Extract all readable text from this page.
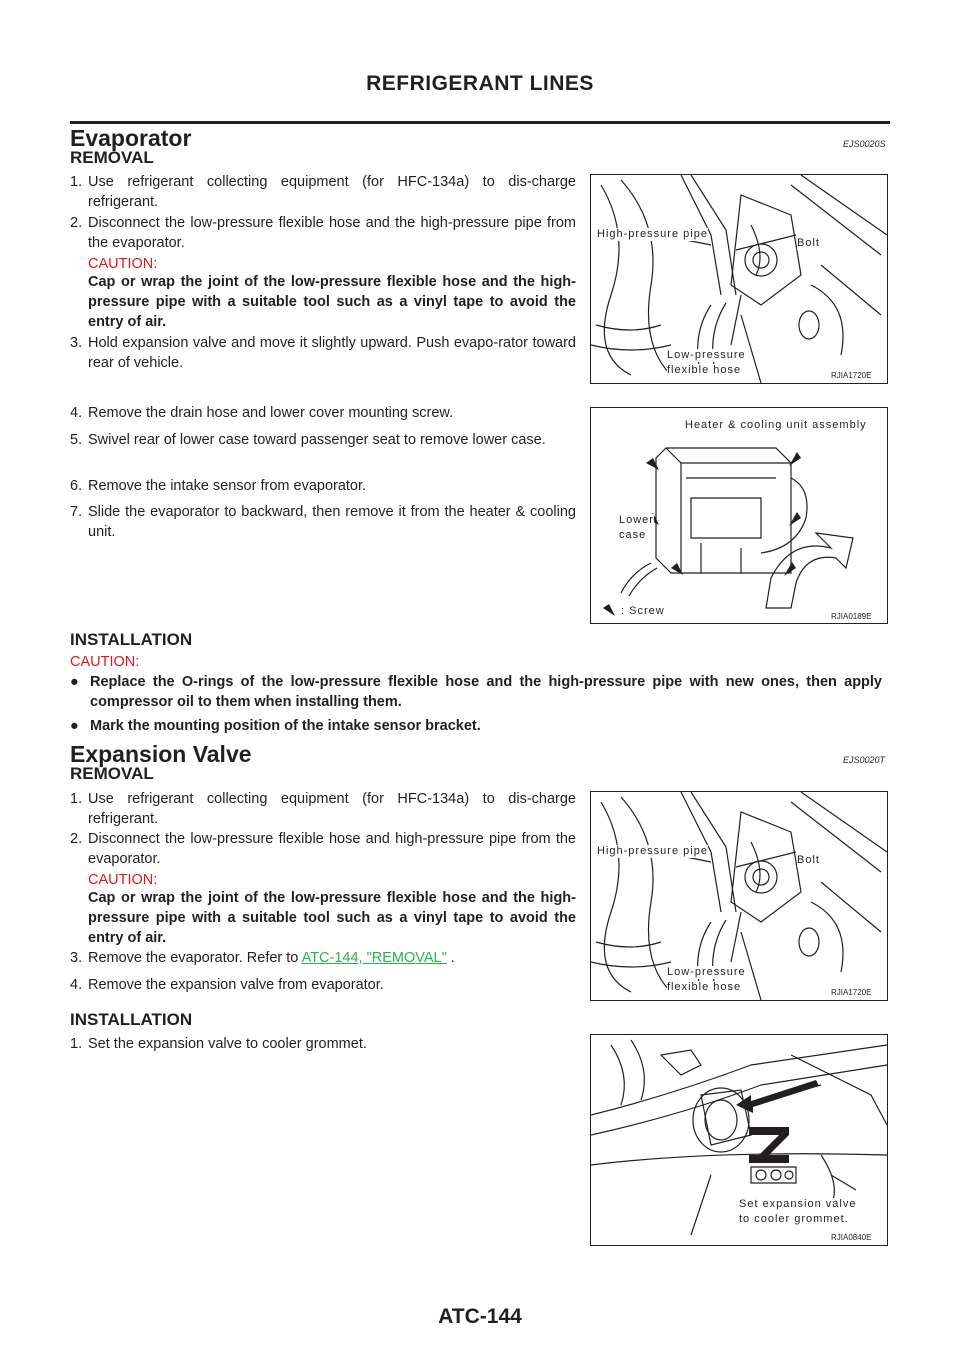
REFRIGERANT LINES
Evaporator	EJS0020S
REMOVAL
1. Use refrigerant collecting equipment (for HFC-134a) to dis-charge refrigerant.
2. Disconnect the low-pressure flexible hose and the high-pressure pipe from the evaporator.
CAUTION:
Cap or wrap the joint of the low-pressure flexible hose and the high-pressure pipe with a suitable tool such as a vinyl tape to avoid the entry of air.
3. Hold expansion valve and move it slightly upward. Push evapo-rator toward rear of vehicle.
4. Remove the drain hose and lower cover mounting screw.
5. Swivel rear of lower case toward passenger seat to remove lower case.
6. Remove the intake sensor from evaporator.
7. Slide the evaporator to backward, then remove it from the heater & cooling unit.
High-pressure pipe
Bolt
Low-pressure
flexible hose	RJIA1720E
Heater & cooling unit assembly
Lower
case
: Screw	RJIA0189E
INSTALLATION
CAUTION:
● Replace the O-rings of the low-pressure flexible hose and the high-pressure pipe with new ones, then apply compressor oil to them when installing them.
● Mark the mounting position of the intake sensor bracket.
Expansion Valve	EJS0020T
REMOVAL
1. Use refrigerant collecting equipment (for HFC-134a) to dis-charge refrigerant.
2. Disconnect the low-pressure flexible hose and high-pressure pipe from the evaporator.
CAUTION:
Cap or wrap the joint of the low-pressure flexible hose and the high-pressure pipe with a suitable tool such as a vinyl tape to avoid the entry of air.
3. Remove the evaporator. Refer to ATC-144, "REMOVAL" .
4. Remove the expansion valve from evaporator.
High-pressure pipe
Bolt
Low-pressure
flexible hose	RJIA1720E
INSTALLATION
1. Set the expansion valve to cooler grommet.
Set expansion valve
to cooler grommet.
RJIA0840E
ATC-144
